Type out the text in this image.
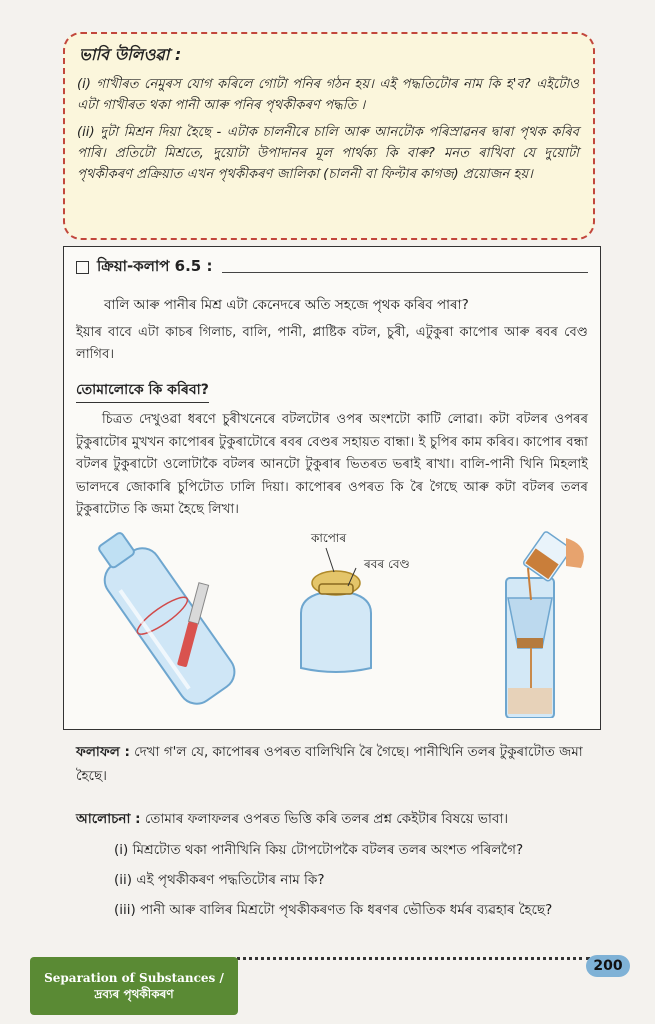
ভাবি উলিওৱা :

(i) গাখীৰত নেমুৰস যোগ কৰিলে গোটা পনিৰ গঠন হয়। এই পদ্ধতিটোৰ নাম কি হ'ব? এইটোও এটা গাখীৰত থকা পানী আৰু পনিৰ পৃথকীকৰণ পদ্ধতি ।

(ii) দুটা মিশ্ৰন দিয়া হৈছে - এটাক চালনীৰে চালি আৰু আনটোক পৰিস্ৰাৱনৰ দ্বাৰা পৃথক কৰিব পাৰি। প্ৰতিটো মিশ্ৰতে, দুয়োটা উপাদানৰ মূল পাৰ্থক্য কি বাৰু? মনত ৰাখিবা যে দুয়োটা পৃথকীকৰণ প্ৰক্ৰিয়াত এখন পৃথকীকৰণ জালিকা (চালনী বা ফিল্টাৰ কাগজ) প্ৰয়োজন হয়।

ক্ৰিয়া-কলাপ 6.5 :
বালি আৰু পানীৰ মিশ্ৰ এটা কেনেদৰে অতি সহজে পৃথক কৰিব পাৰা?
ইয়াৰ বাবে এটা কাচৰ গিলাচ, বালি, পানী, প্লাষ্টিক বটল, চুৰী, এটুকুৰা কাপোৰ আৰু ৰবৰ বেণ্ড লাগিব।
তোমালোকে কি কৰিবা?
চিত্ৰত দেখুওৱা ধৰণে চুৰীখনেৰে বটলটোৰ ওপৰ অংশটো কাটি লোৱা। কটা বটলৰ ওপৰৰ টুকুৰাটোৰ মুখখন কাপোৰৰ টুকুৰাটোৰে ৰবৰ বেণ্ডৰ সহায়ত বান্ধা। ই চুপিৰ কাম কৰিব। কাপোৰ বন্ধা বটলৰ টুকুৰাটো ওলোটাকৈ বটলৰ আনটো টুকুৰাৰ ভিতৰত ভৰাই ৰাখা। বালি-পানী খিনি মিহলাই ভালদৰে জোকাৰি চুপিটোত ঢালি দিয়া। কাপোৰৰ ওপৰত কি ৰৈ গৈছে আৰু কটা বটলৰ তলৰ টুকুৰাটোত কি জমা হৈছে লিখা।
কাপোৰ
ৰবৰ বেণ্ড
ফলাফল : দেখা গ'ল যে, কাপোৰৰ ওপৰত বালিখিনি ৰৈ গৈছে। পানীখিনি তলৰ টুকুৰাটোত জমা হৈছে।
আলোচনা : তোমাৰ ফলাফলৰ ওপৰত ভিত্তি কৰি তলৰ প্ৰশ্ন কেইটাৰ বিষয়ে ভাবা।
(i) মিশ্ৰটোত থকা পানীখিনি কিয় টোপটোপকৈ বটলৰ তলৰ অংশত পৰিলগৈ?
(ii) এই পৃথকীকৰণ পদ্ধতিটোৰ নাম কি?
(iii) পানী আৰু বালিৰ মিশ্ৰটো পৃথকীকৰণত কি ধৰণৰ ভৌতিক ধৰ্মৰ ব্যৱহাৰ হৈছে?
Separation of Substances /
দ্ৰব্যৰ পৃথকীকৰণ
200
